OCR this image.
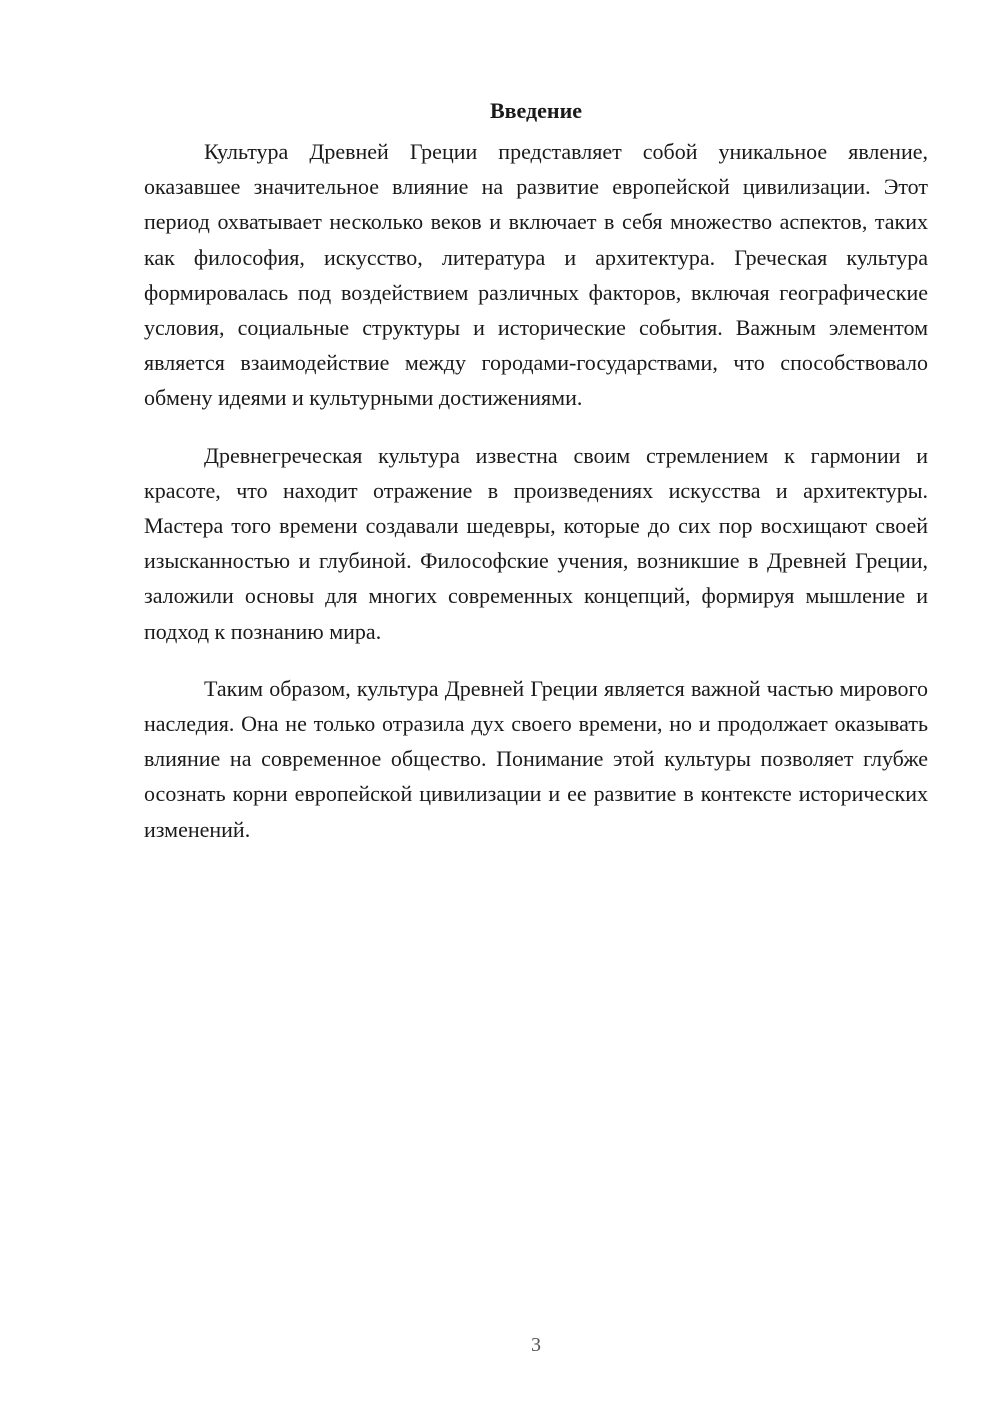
Введение

Культура Древней Греции представляет собой уникальное явление, оказавшее значительное влияние на развитие европейской цивилизации. Этот период охватывает несколько веков и включает в себя множество аспектов, таких как философия, искусство, литература и архитектура. Греческая культура формировалась под воздействием различных факторов, включая географические условия, социальные структуры и исторические события. Важным элементом является взаимодействие между городами-государствами, что способствовало обмену идеями и культурными достижениями.

Древнегреческая культура известна своим стремлением к гармонии и красоте, что находит отражение в произведениях искусства и архитектуры. Мастера того времени создавали шедевры, которые до сих пор восхищают своей изысканностью и глубиной. Философские учения, возникшие в Древней Греции, заложили основы для многих современных концепций, формируя мышление и подход к познанию мира.

Таким образом, культура Древней Греции является важной частью мирового наследия. Она не только отразила дух своего времени, но и продолжает оказывать влияние на современное общество. Понимание этой культуры позволяет глубже осознать корни европейской цивилизации и ее развитие в контексте исторических изменений.

3
